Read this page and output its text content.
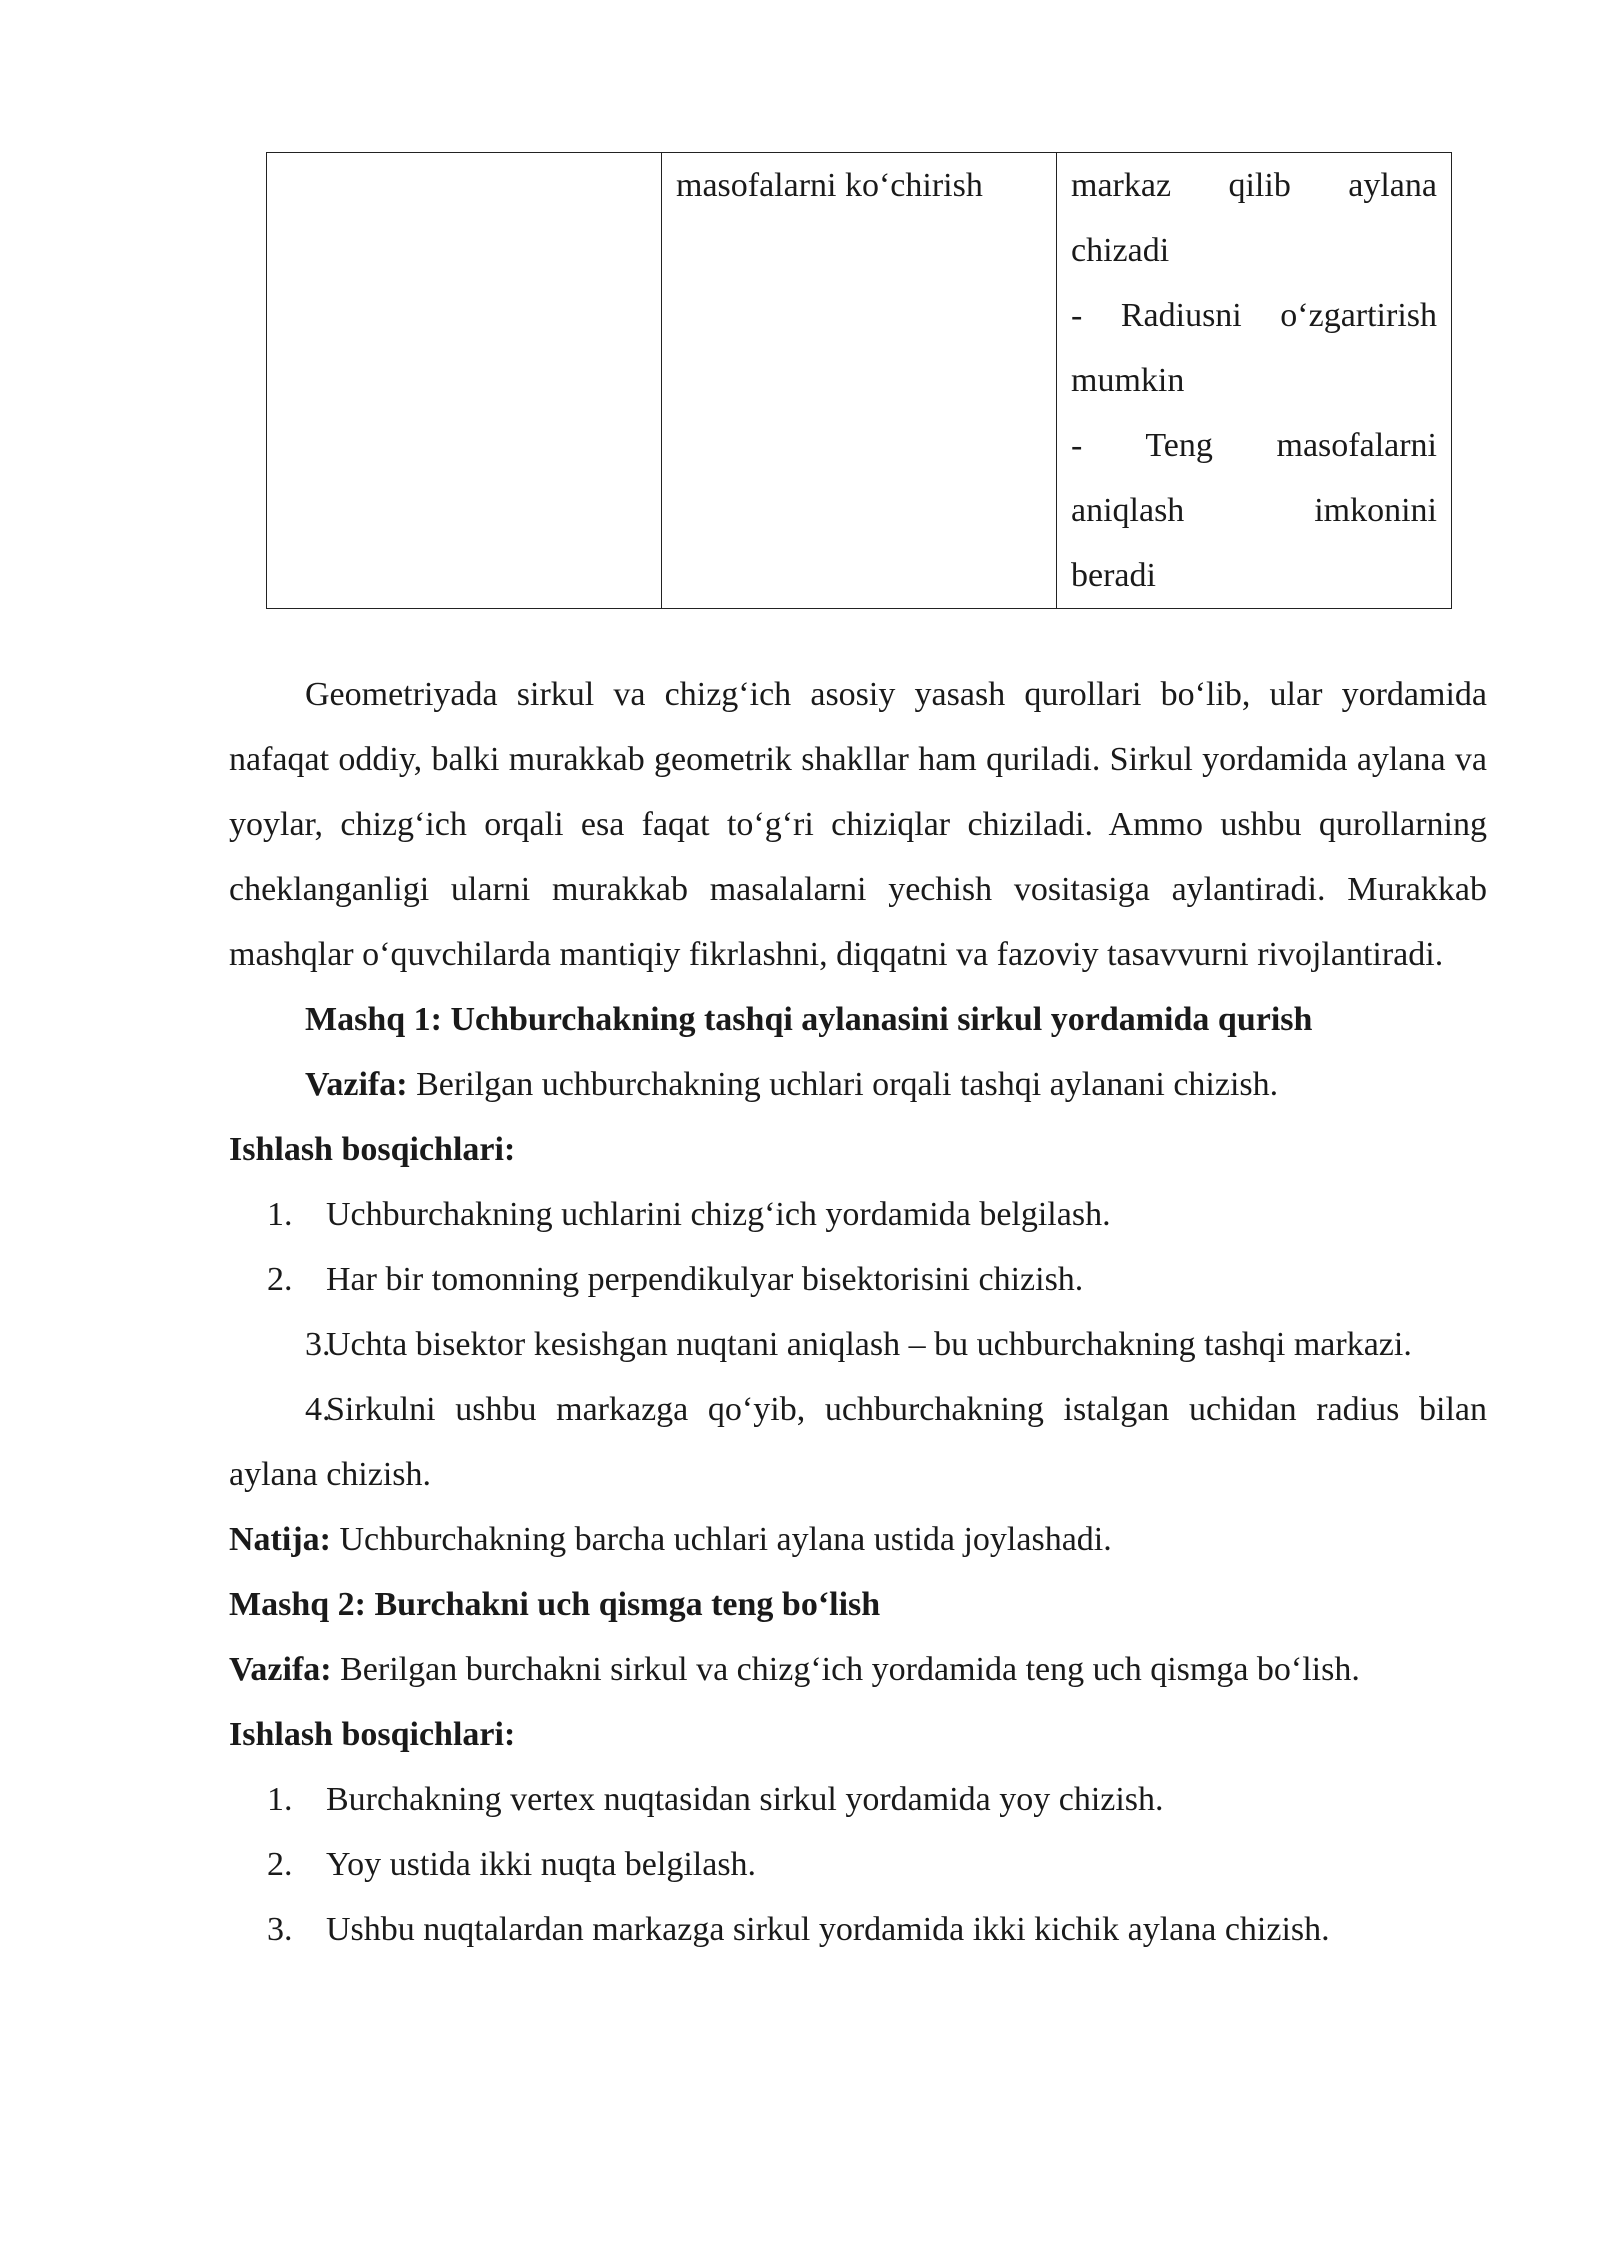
	masofalarni ko‘chirish	markaz qilib aylana
chizadi
- Radiusni o‘zgartirish
mumkin
- Teng masofalarni
aniqlash imkonini
beradi

Geometriyada sirkul va chizg‘ich asosiy yasash qurollari bo‘lib, ular yordamida nafaqat oddiy, balki murakkab geometrik shakllar ham quriladi. Sirkul yordamida aylana va yoylar, chizg‘ich orqali esa faqat to‘g‘ri chiziqlar chiziladi. Ammo ushbu qurollarning cheklanganligi ularni murakkab masalalarni yechish vositasiga aylantiradi. Murakkab mashqlar o‘quvchilarda mantiqiy fikrlashni, diqqatni va fazoviy tasavvurni rivojlantiradi.

Mashq 1: Uchburchakning tashqi aylanasini sirkul yordamida qurish

Vazifa: Berilgan uchburchakning uchlari orqali tashqi aylanani chizish.

Ishlash bosqichlari:

1. Uchburchakning uchlarini chizg‘ich yordamida belgilash.

2. Har bir tomonning perpendikulyar bisektorisini chizish.

3.Uchta bisektor kesishgan nuqtani aniqlash – bu uchburchakning tashqi markazi.

4.Sirkulni ushbu markazga qo‘yib, uchburchakning istalgan uchidan radius bilan aylana chizish.

Natija: Uchburchakning barcha uchlari aylana ustida joylashadi.

Mashq 2: Burchakni uch qismga teng bo‘lish

Vazifa: Berilgan burchakni sirkul va chizg‘ich yordamida teng uch qismga bo‘lish.

Ishlash bosqichlari:

1. Burchakning vertex nuqtasidan sirkul yordamida yoy chizish.

2. Yoy ustida ikki nuqta belgilash.

3. Ushbu nuqtalardan markazga sirkul yordamida ikki kichik aylana chizish.
